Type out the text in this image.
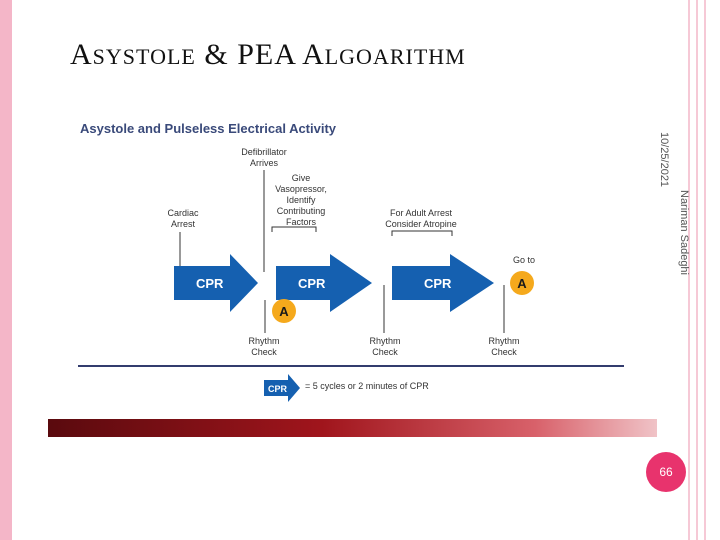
ASYSTOLE & PEA ALGOARITHM
10/25/2021
Nariman Sadeghi
Asystole and Pulseless Electrical Activity
Cardiac
Arrest
Defibrillator
Arrives
Give
Vasopressor,
Identify
Contributing
Factors
For Adult Arrest
Consider Atropine
Go to
Rhythm
Check
Rhythm
Check
Rhythm
Check
= 5 cycles or 2 minutes of CPR
CPR	CPR	CPR
A
A
CPR
66
